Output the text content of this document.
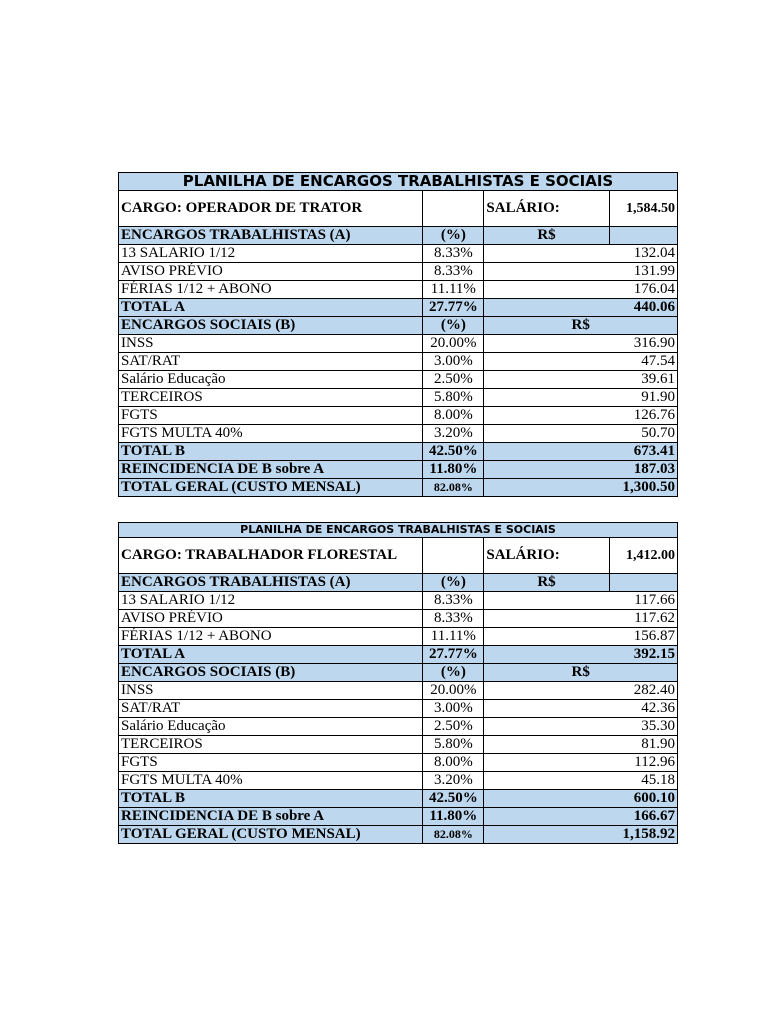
PLANILHA DE ENCARGOS TRABALHISTAS E SOCIAIS			
CARGO: OPERADOR DE TRATOR		SALÁRIO:	1,584.50
ENCARGOS TRABALHISTAS (A)	(%)	R$	
13 SALARIO 1/12	8.33%	132.04	
AVISO PRÉVIO	8.33%	131.99	
FÉRIAS 1/12 + ABONO	11.11%	176.04	
TOTAL A	27.77%	440.06	
ENCARGOS SOCIAIS (B)	(%)	R$	
INSS	20.00%	316.90	
SAT/RAT	3.00%	47.54	
Salário Educação	2.50%	39.61	
TERCEIROS	5.80%	91.90	
FGTS	8.00%	126.76	
FGTS MULTA 40%	3.20%	50.70	
TOTAL B	42.50%	673.41	
REINCIDENCIA DE B sobre A	11.80%	187.03	
TOTAL GERAL (CUSTO MENSAL)	82.08%	1,300.50	
PLANILHA DE ENCARGOS TRABALHISTAS E SOCIAIS			
CARGO: TRABALHADOR FLORESTAL		SALÁRIO:	1,412.00
ENCARGOS TRABALHISTAS (A)	(%)	R$	
13 SALARIO 1/12	8.33%	117.66	
AVISO PRÉVIO	8.33%	117.62	
FÉRIAS 1/12 + ABONO	11.11%	156.87	
TOTAL A	27.77%	392.15	
ENCARGOS SOCIAIS (B)	(%)	R$	
INSS	20.00%	282.40	
SAT/RAT	3.00%	42.36	
Salário Educação	2.50%	35.30	
TERCEIROS	5.80%	81.90	
FGTS	8.00%	112.96	
FGTS MULTA 40%	3.20%	45.18	
TOTAL B	42.50%	600.10	
REINCIDENCIA DE B sobre A	11.80%	166.67	
TOTAL GERAL (CUSTO MENSAL)	82.08%	1,158.92	
